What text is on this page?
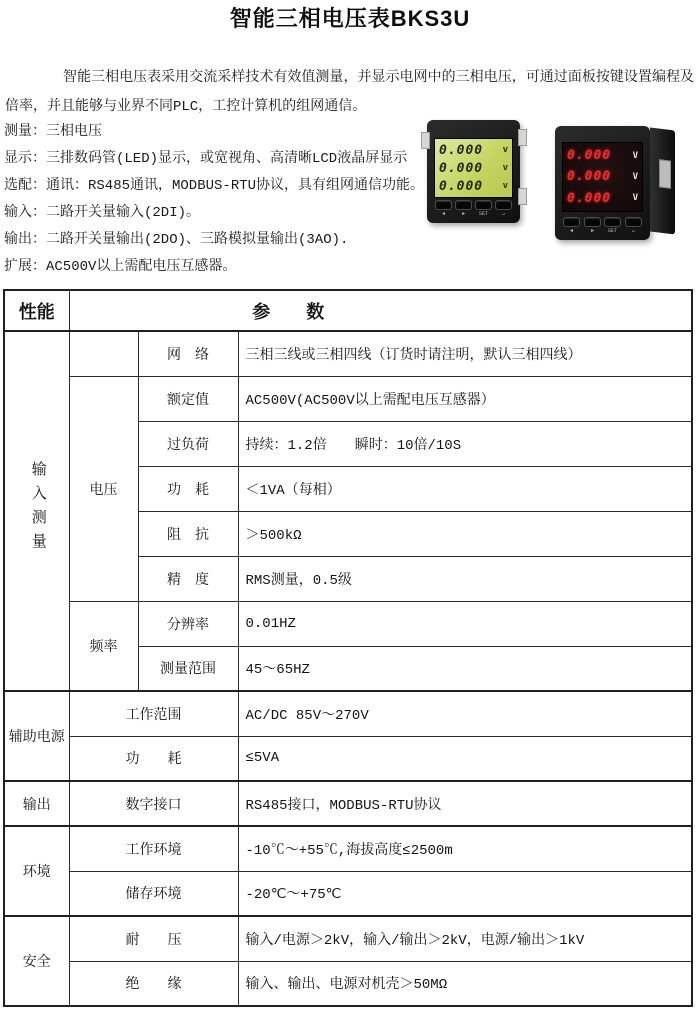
智能三相电压表BKS3U

智能三相电压表采用交流采样技术有效值测量，并显示电网中的三相电压，可通过面板按键设置编程及倍率，并且能够与业界不同PLC，工控计算机的组网通信。

测量：三相电压
显示：三排数码管(LED)显示，或宽视角、高清晰LCD液晶屏显示
选配：通讯：RS485通讯，MODBUS-RTU协议，具有组网通信功能。
输入：二路开关量输入(2DI)。
输出：二路开关量输出(2DO)、三路模拟量输出(3AO).
扩展：AC500V以上需配电压互感器。
0.000 v
0.000 v
0.000 v
◄	►	SET	↵
0.000 V
0.000 V
0.000 V
◄	►	SET	↵
性能	参　　数		
输入测量		网　络	三相三线或三相四线（订货时请注明，默认三相四线）
	电压	额定值	AC500V(AC500V以上需配电压互感器）
		过负荷	持续：1.2倍　　瞬时：10倍/10S
		功　耗	＜1VA（每相）
		阻　抗	＞500kΩ
		精　度	RMS测量，0.5级
	频率	分辨率	0.01HZ
		测量范围	45～65HZ
辅助电源	工作范围		AC/DC 85V～270V
	功　　耗		≤5VA
输出	数字接口		RS485接口，MODBUS-RTU协议
环境	工作环境		-10℃～+55℃,海拔高度≤2500m
	储存环境		-20℃～+75℃
安全	耐　　压		输入/电源＞2kV，输入/输出＞2kV，电源/输出＞1kV
	绝　　缘		输入、输出、电源对机壳＞50MΩ
